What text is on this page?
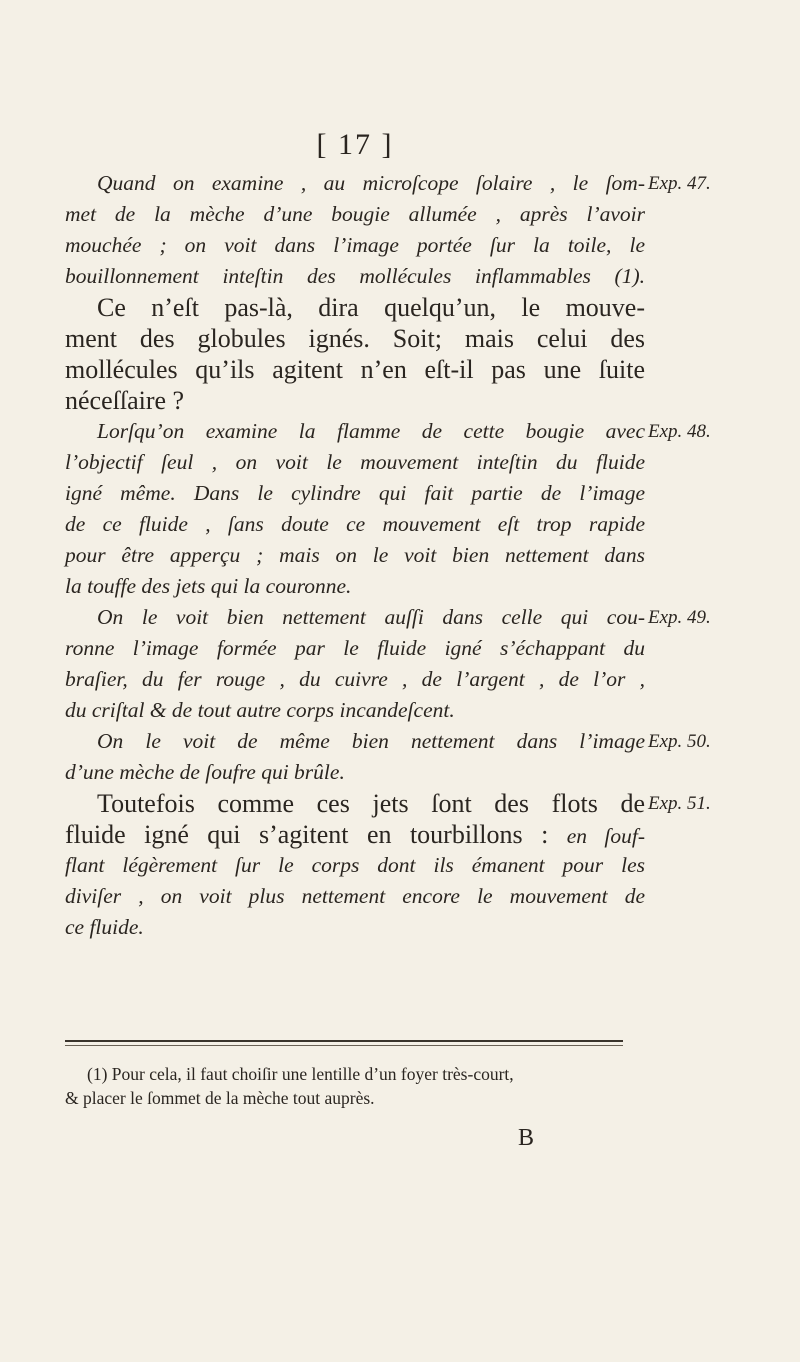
[ 17 ]
Quand on examine , au microſcope ſolaire , le ſom- Exp. 47.
met de la mèche d’une bougie allumée , après l’avoir
mouchée ; on voit dans l’image portée ſur la toile, le
bouillonnement inteſtin des mollécules inflammables (1).
Ce n’eſt pas-là, dira quelqu’un, le mouve-
ment des globules ignés. Soit; mais celui des
mollécules qu’ils agitent n’en eſt-il pas une ſuite
néceſſaire ?
Lorſqu’on examine la flamme de cette bougie avec Exp. 48.
l’objectif ſeul , on voit le mouvement inteſtin du fluide
igné même. Dans le cylindre qui fait partie de l’image
de ce fluide , ſans doute ce mouvement eſt trop rapide
pour être apperçu ; mais on le voit bien nettement dans
la touffe des jets qui la couronne.
On le voit bien nettement auſſi dans celle qui cou- Exp. 49.
ronne l’image formée par le fluide igné s’échappant du
braſier, du fer rouge , du cuivre , de l’argent , de l’or ,
du criſtal & de tout autre corps incandeſcent.
On le voit de même bien nettement dans l’image Exp. 50.
d’une mèche de ſoufre qui brûle.
Toutefois comme ces jets ſont des flots de Exp. 51.
fluide igné qui s’agitent en tourbillons : en ſouf-
flant légèrement ſur le corps dont ils émanent pour les
diviſer , on voit plus nettement encore le mouvement de
ce fluide.
(1) Pour cela, il faut choiſir une lentille d’un foyer très-court,
& placer le ſommet de la mèche tout auprès.
B
